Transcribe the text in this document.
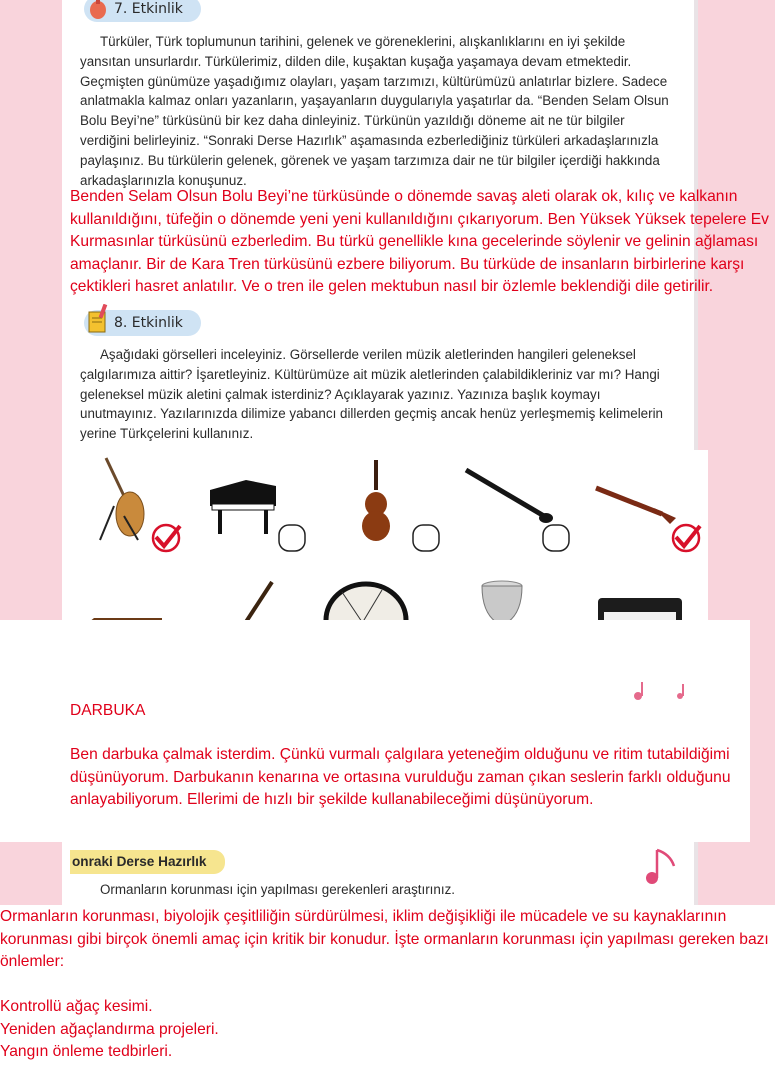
7. Etkinlik

Türküler, Türk toplumunun tarihini, gelenek ve göreneklerini, alışkanlıklarını en iyi şekilde yansıtan unsurlardır. Türkülerimiz, dilden dile, kuşaktan kuşağa yaşamaya devam etmektedir. Geçmişten günümüze yaşadığımız olayları, yaşam tarzımızı, kültürümüzü anlatırlar bizlere. Sadece anlatmakla kalmaz onları yazanların, yaşayanların duygularıyla yaşatırlar da. “Benden Selam Olsun Bolu Beyi’ne” türküsünü bir kez daha dinleyiniz. Türkünün yazıldığı döneme ait ne tür bilgiler verdiğini belirleyiniz. “Sonraki Derse Hazırlık” aşamasında ezberlediğiniz türküleri arkadaşlarınızla paylaşınız. Bu türkülerin gelenek, görenek ve yaşam tarzımıza dair ne tür bilgiler içerdiği hakkında arkadaşlarınızla konuşunuz.

Benden Selam Olsun Bolu Beyi’ne türküsünde o dönemde savaş aleti olarak ok, kılıç ve kalkanın kullanıldığını, tüfeğin o dönemde yeni yeni kullanıldığını çıkarıyorum. Ben Yüksek Yüksek tepelere Ev Kurmasınlar türküsünü ezberledim. Bu türkü genellikle kına gecelerinde söylenir ve gelinin ağlaması amaçlanır. Bir de Kara Tren türküsünü ezbere biliyorum. Bu türküde de insanların birbirlerine karşı çektikleri hasret anlatılır. Ve o tren ile gelen mektubun nasıl bir özlemle beklendiği dile getirilir.

8. Etkinlik

Aşağıdaki görselleri inceleyiniz. Görsellerde verilen müzik aletlerinden hangileri geleneksel çalgılarımıza aittir? İşaretleyiniz. Kültürümüze ait müzik aletlerinden çalabildikleriniz var mı? Hangi geleneksel müzik aletini çalmak isterdiniz? Açıklayarak yazınız. Yazınıza başlık koymayı unutmayınız. Yazılarınızda dilimize yabancı dillerden geçmiş ancak henüz yerleşmemiş kelimelerin yerine Türkçelerini kullanınız.

DARBUKA

Ben darbuka çalmak isterdim. Çünkü vurmalı çalgılara yeteneğim olduğunu ve ritim tutabildiğimi düşünüyorum. Darbukanın kenarına ve ortasına vurulduğu zaman çıkan seslerin farklı olduğunu anlayabiliyorum. Ellerimi de hızlı bir şekilde kullanabileceğimi düşünüyorum.

onraki Derse Hazırlık

Ormanların korunması için yapılması gerekenleri araştırınız.

Ormanların korunması, biyolojik çeşitliliğin sürdürülmesi, iklim değişikliği ile mücadele ve su kaynaklarının korunması gibi birçok önemli amaç için kritik bir konudur. İşte ormanların korunması için yapılması gereken bazı önlemler:

Kontrollü ağaç kesimi.

Yeniden ağaçlandırma projeleri.

Yangın önleme tedbirleri.
